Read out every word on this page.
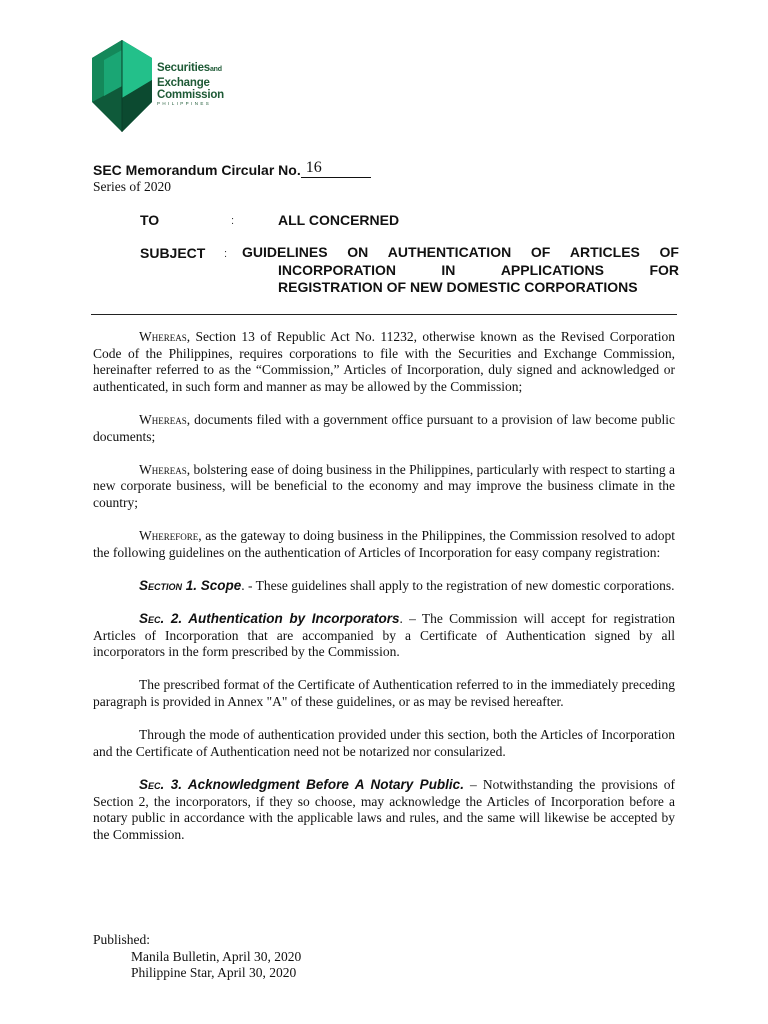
Securitiesand
Exchange
Commission
PHILIPPINES
SEC Memorandum Circular No. 16
Series of 2020
TO	:	ALL CONCERNED
SUBJECT : GUIDELINES ON AUTHENTICATION OF ARTICLES OF
INCORPORATION	IN	APPLICATIONS	FOR
REGISTRATION OF NEW DOMESTIC CORPORATIONS

Whereas, Section 13 of Republic Act No. 11232, otherwise known as the Revised Corporation Code of the Philippines, requires corporations to file with the Securities and Exchange Commission, hereinafter referred to as the “Commission,” Articles of Incorporation, duly signed and acknowledged or authenticated, in such form and manner as may be allowed by the Commission;

Whereas, documents filed with a government office pursuant to a provision of law become public documents;

Whereas, bolstering ease of doing business in the Philippines, particularly with respect to starting a new corporate business, will be beneficial to the economy and may improve the business climate in the country;

Wherefore, as the gateway to doing business in the Philippines, the Commission resolved to adopt the following guidelines on the authentication of Articles of Incorporation for easy company registration:

Section 1. Scope. - These guidelines shall apply to the registration of new domestic corporations.

Sec. 2. Authentication by Incorporators. – The Commission will accept for registration Articles of Incorporation that are accompanied by a Certificate of Authentication signed by all incorporators in the form prescribed by the Commission.

The prescribed format of the Certificate of Authentication referred to in the immediately preceding paragraph is provided in Annex "A" of these guidelines, or as may be revised hereafter.

Through the mode of authentication provided under this section, both the Articles of Incorporation and the Certificate of Authentication need not be notarized nor consularized.

Sec. 3. Acknowledgment Before A Notary Public. – Notwithstanding the provisions of Section 2, the incorporators, if they so choose, may acknowledge the Articles of Incorporation before a notary public in accordance with the applicable laws and rules, and the same will likewise be accepted by the Commission.

Published:
Manila Bulletin, April 30, 2020
Philippine Star, April 30, 2020
